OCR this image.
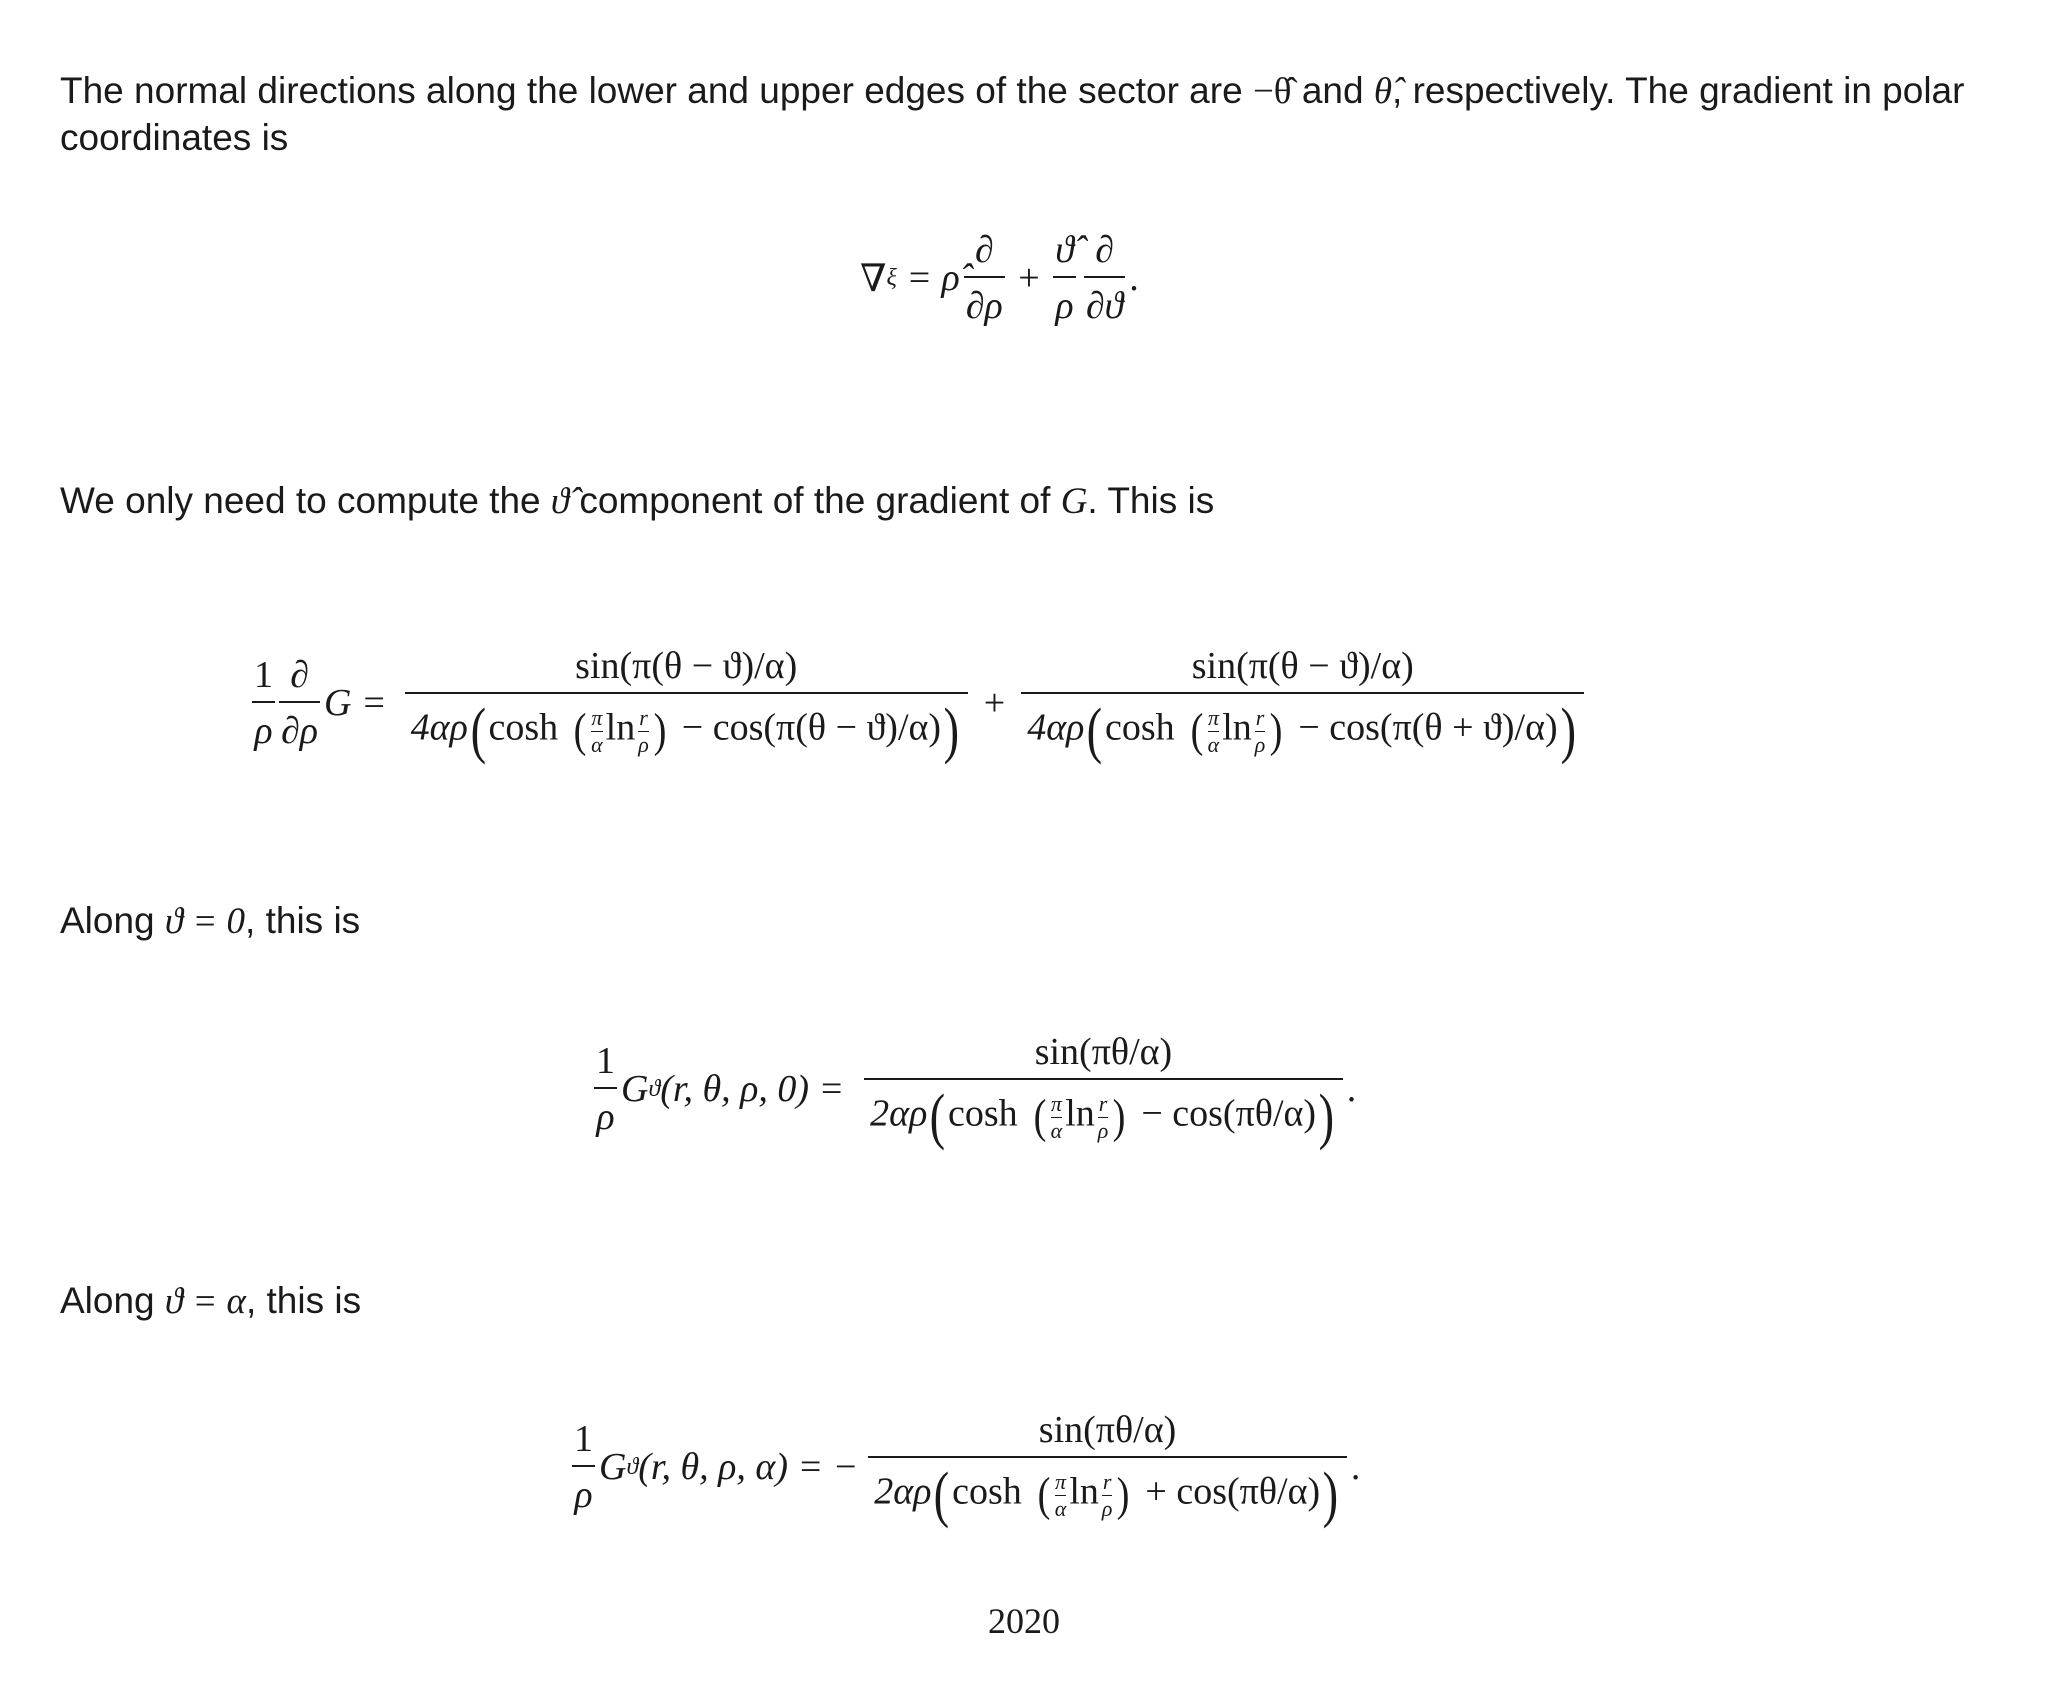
The normal directions along the lower and upper edges of the sector are −θ̂ and θ̂, respectively. The gradient in polar
coordinates is
∇ ξ = ρ̂ $\frac{\partial}{\partial\rho} + \frac{ϑ̂}{\rho} \frac{\partial}{\partial ϑ}$ .
We only need to compute the ϑ̂ component of the gradient of G. This is
$\frac{1}{\rho} \frac{\partial}{\partial\rho}$ $G = \frac{\sin(\pi(\theta - ϑ)/\alpha)}{4\alpha\rho(\cosh ( \frac{\pi}{\alpha} \ln \frac{r}{\rho} ) - \cos(\pi(\theta - ϑ)/\alpha))} + \frac{\sin(\pi(\theta - ϑ)/\alpha)}{4\alpha\rho(\cosh ( \frac{\pi}{\alpha} \ln \frac{r}{\rho} ) - \cos(\pi(\theta + ϑ)/\alpha))}$
Along ϑ = 0, this is
$\frac{1}{\rho}$ G ϑ (r, θ, ρ, $0) = \frac{\sin(\pi\theta/\alpha)}{2\alpha\rho(\cosh ( \frac{\pi}{\alpha} \ln \frac{r}{\rho} ) - \cos(\pi\theta/\alpha))}$ .
Along ϑ = α, this is
$\frac{1}{\rho}$ G ϑ (r, θ, ρ, α) = − $\frac{\sin(\pi\theta/\alpha)}{2\alpha\rho(\cosh ( \frac{\pi}{\alpha} \ln \frac{r}{\rho} ) + \cos(\pi\theta/\alpha))}$ .
2020
